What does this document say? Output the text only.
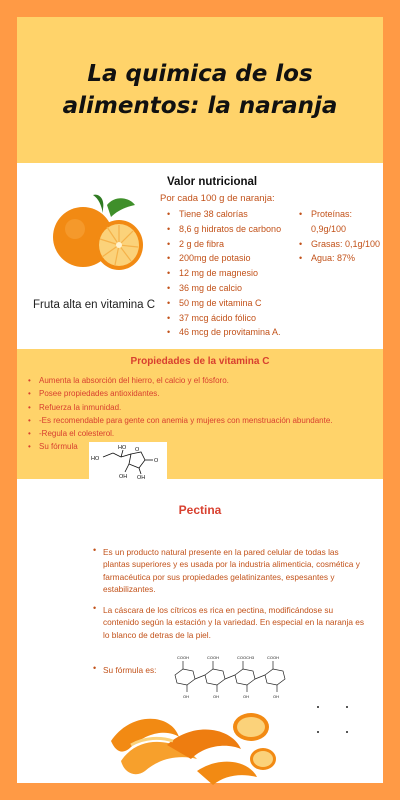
La quimica de los alimentos: la naranja
Fruta alta en vitamina C
Valor nutricional
Por cada 100 g de naranja:
• Tiene 38 calorías
• 8,6 g hidratos de carbono
• 2 g de fibra
• 200mg de potasio
• 12 mg de magnesio
• 36 mg de calcio
• 50 mg de vitamina C
• 37 mcg ácido fólico
• 46 mcg de provitamina A.
• Proteínas: 0,9g/100
• Grasas: 0,1g/100
• Agua: 87%
Propiedades de la vitamina C
• Aumenta la absorción del hierro, el calcio y el fósforo.
• Posee propiedades antioxidantes.
• Refuerza la inmunidad.
• -Es recomendable para gente con anemia y mujeres con menstruación abundante.
• -Regula el colesterol.
• Su fórmula	HO
HO
O
O
OH OH
Pectina
• Es un producto natural presente en la pared celular de todas las plantas superiores y es usada por la industria alimenticia, cosmética y farmacéutica por sus propiedades gelatinizantes, espesantes y estabilizantes.

• La cáscara de los cítricos es rica en pectina, modificándose su contenido según la estación y la variedad. En especial en la naranja es lo blanco de detras de la piel.

• Su fórmula es:

COOH	COOH	COOCH3	COOH
OH	OH	OH	OH
